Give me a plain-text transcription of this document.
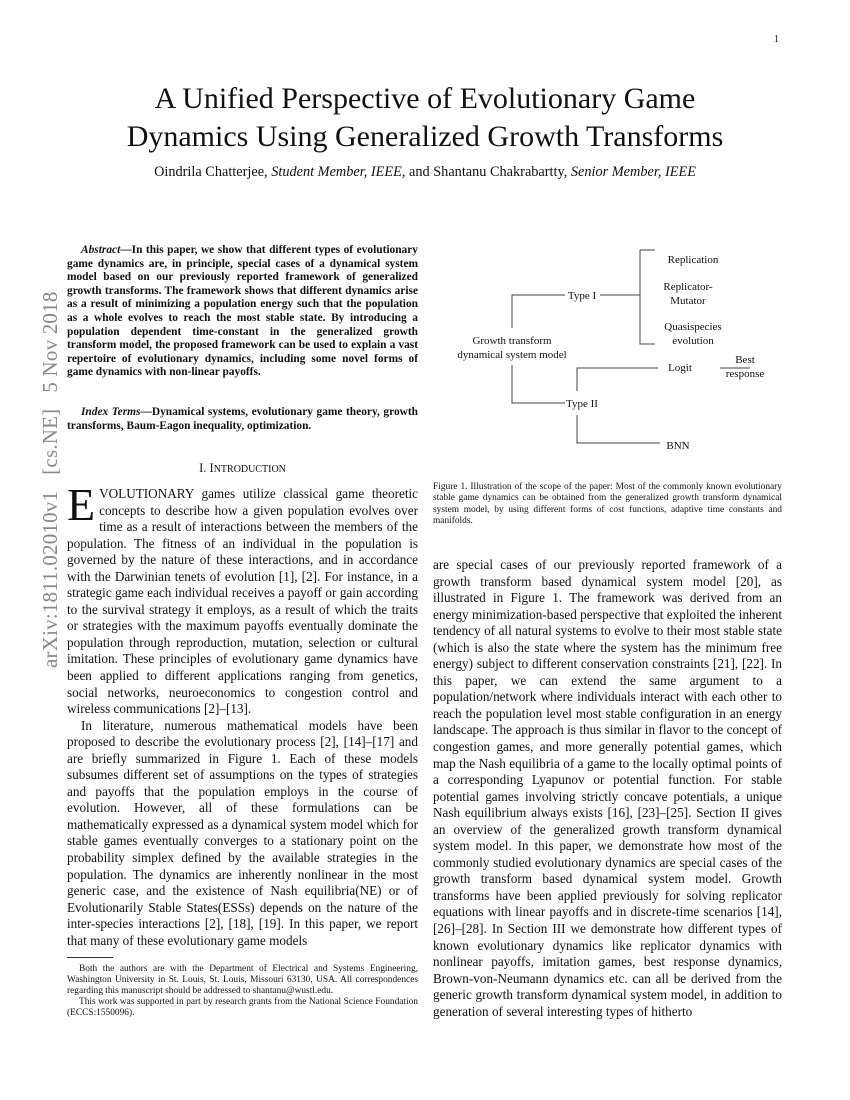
1
arXiv:1811.02010v1[cs.NE]5 Nov 2018
A Unified Perspective of Evolutionary Game
Dynamics Using Generalized Growth Transforms
Oindrila Chatterjee, Student Member, IEEE, and Shantanu Chakrabartty, Senior Member, IEEE
Abstract—In this paper, we show that different types of evolutionary game dynamics are, in principle, special cases of a dynamical system model based on our previously reported framework of generalized growth transforms. The framework shows that different dynamics arise as a result of minimizing a population energy such that the population as a whole evolves to reach the most stable state. By introducing a population dependent time-constant in the generalized growth transform model, the proposed framework can be used to explain a vast repertoire of evolutionary dynamics, including some novel forms of game dynamics with non-linear payoffs.
Index Terms—Dynamical systems, evolutionary game theory, growth transforms, Baum-Eagon inequality, optimization.
I. INTRODUCTION

EVOLUTIONARY games utilize classical game theoretic concepts to describe how a given population evolves over time as a result of interactions between the members of the population. The fitness of an individual in the population is governed by the nature of these interactions, and in accordance with the Darwinian tenets of evolution [1], [2]. For instance, in a strategic game each individual receives a payoff or gain according to the survival strategy it employs, as a result of which the traits or strategies with the maximum payoffs eventually dominate the population through reproduction, mutation, selection or cultural imitation. These principles of evolutionary game dynamics have been applied to different applications ranging from genetics, social networks, neuroeconomics to congestion control and wireless communications [2]–[13].

In literature, numerous mathematical models have been proposed to describe the evolutionary process [2], [14]–[17] and are briefly summarized in Figure 1. Each of these models subsumes different set of assumptions on the types of strategies and payoffs that the population employs in the course of evolution. However, all of these formulations can be mathematically expressed as a dynamical system model which for stable games eventually converges to a stationary point on the probability simplex defined by the available strategies in the population. The dynamics are inherently nonlinear in the most generic case, and the existence of Nash equilibria(NE) or of Evolutionarily Stable States(ESSs) depends on the nature of the inter-species interactions [2], [18], [19]. In this paper, we report that many of these evolutionary game models

Both the authors are with the Department of Electrical and Systems Engineering, Washington University in St. Louis, St. Louis, Missouri 63130, USA. All correspondences regarding this manuscript should be addressed to shantanu@wustl.edu.

This work was supported in part by research grants from the National Science Foundation (ECCS:1550096).

Growth transform
dynamical system model
Type I
Type II
Replication
Replicator-
Mutator
Quasispecies
evolution
Logit
Best
response
BNN
Figure 1. Illustration of the scope of the paper: Most of the commonly known evolutionary stable game dynamics can be obtained from the generalized growth transform dynamical system model, by using different forms of cost functions, adaptive time constants and manifolds.

are special cases of our previously reported framework of a growth transform based dynamical system model [20], as illustrated in Figure 1. The framework was derived from an energy minimization-based perspective that exploited the inherent tendency of all natural systems to evolve to their most stable state (which is also the state where the system has the minimum free energy) subject to different conservation constraints [21], [22]. In this paper, we can extend the same argument to a population/network where individuals interact with each other to reach the population level most stable configuration in an energy landscape. The approach is thus similar in flavor to the concept of congestion games, and more generally potential games, which map the Nash equilibria of a game to the locally optimal points of a corresponding Lyapunov or potential function. For stable potential games involving strictly concave potentials, a unique Nash equilibrium always exists [16], [23]–[25]. Section II gives an overview of the generalized growth transform dynamical system model. In this paper, we demonstrate how most of the commonly studied evolutionary dynamics are special cases of the growth transform based dynamical system model. Growth transforms have been applied previously for solving replicator equations with linear payoffs and in discrete-time scenarios [14], [26]–[28]. In Section III we demonstrate how different types of known evolutionary dynamics like replicator dynamics with nonlinear payoffs, imitation games, best response dynamics, Brown-von-Neumann dynamics etc. can all be derived from the generic growth transform dynamical system model, in addition to generation of several interesting types of hitherto
